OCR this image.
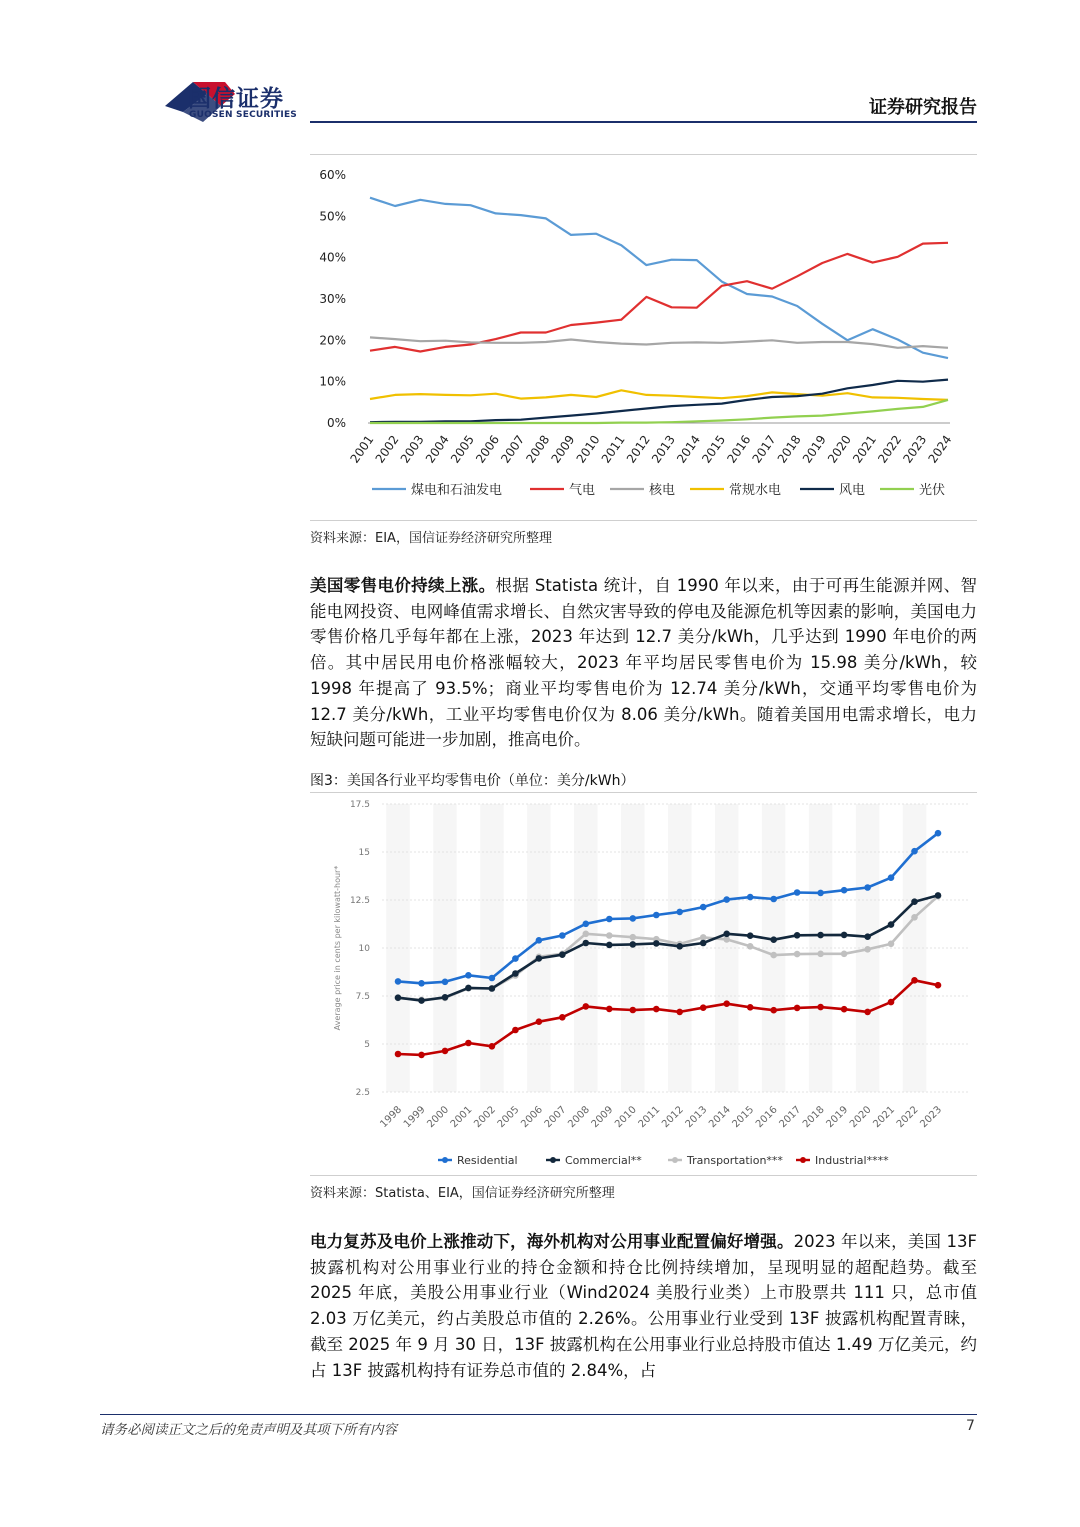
国信证券
GUOSEN SECURITIES	证券研究报告
0%
10%
20%
30%
40%
50%
60%
2001
2002
2003
2004
2005
2006
2007
2008
2009
2010
2011
2012
2013
2014
2015
2016
2017
2018
2019
2020
2021
2022
2023
2024
煤电和石油发电	气电	核电	常规水电	风电	光伏
资料来源：EIA，国信证券经济研究所整理
美国零售电价持续上涨。根据 Statista 统计，自 1990 年以来，由于可再生能源并网、智能电网投资、电网峰值需求增长、自然灾害导致的停电及能源危机等因素的影响，美国电力零售价格几乎每年都在上涨，2023 年达到 12.7 美分/kWh，几乎达到 1990 年电价的两倍。其中居民用电价格涨幅较大，2023 年平均居民零售电价为 15.98 美分/kWh，较 1998 年提高了 93.5%；商业平均零售电价为 12.74 美分/kWh，交通平均零售电价为 12.7 美分/kWh，工业平均零售电价仅为 8.06 美分/kWh。随着美国用电需求增长，电力短缺问题可能进一步加剧，推高电价。
图3：美国各行业平均零售电价（单位：美分/kWh）
2.5
5
7.5
10
12.5
15
17.5
Average price in cents per kilowatt-hour*
1998
1999
2000
2001
2002
2005
2006
2007
2008
2009
2010
2011
2012
2013
2014
2015
2016
2017
2018
2019
2020
2021
2022
2023
Residential	Commercial**	Transportation***	Industrial****
资料来源：Statista、EIA，国信证券经济研究所整理
电力复苏及电价上涨推动下，海外机构对公用事业配置偏好增强。2023 年以来，美国 13F 披露机构对公用事业行业的持仓金额和持仓比例持续增加，呈现明显的超配趋势。截至 2025 年底，美股公用事业行业（Wind2024 美股行业类）上市股票共 111 只，总市值 2.03 万亿美元，约占美股总市值的 2.26%。公用事业行业受到 13F 披露机构配置青睐，截至 2025 年 9 月 30 日，13F 披露机构在公用事业行业总持股市值达 1.49 万亿美元，约占 13F 披露机构持有证券总市值的 2.84%，占
请务必阅读正文之后的免责声明及其项下所有内容	7
